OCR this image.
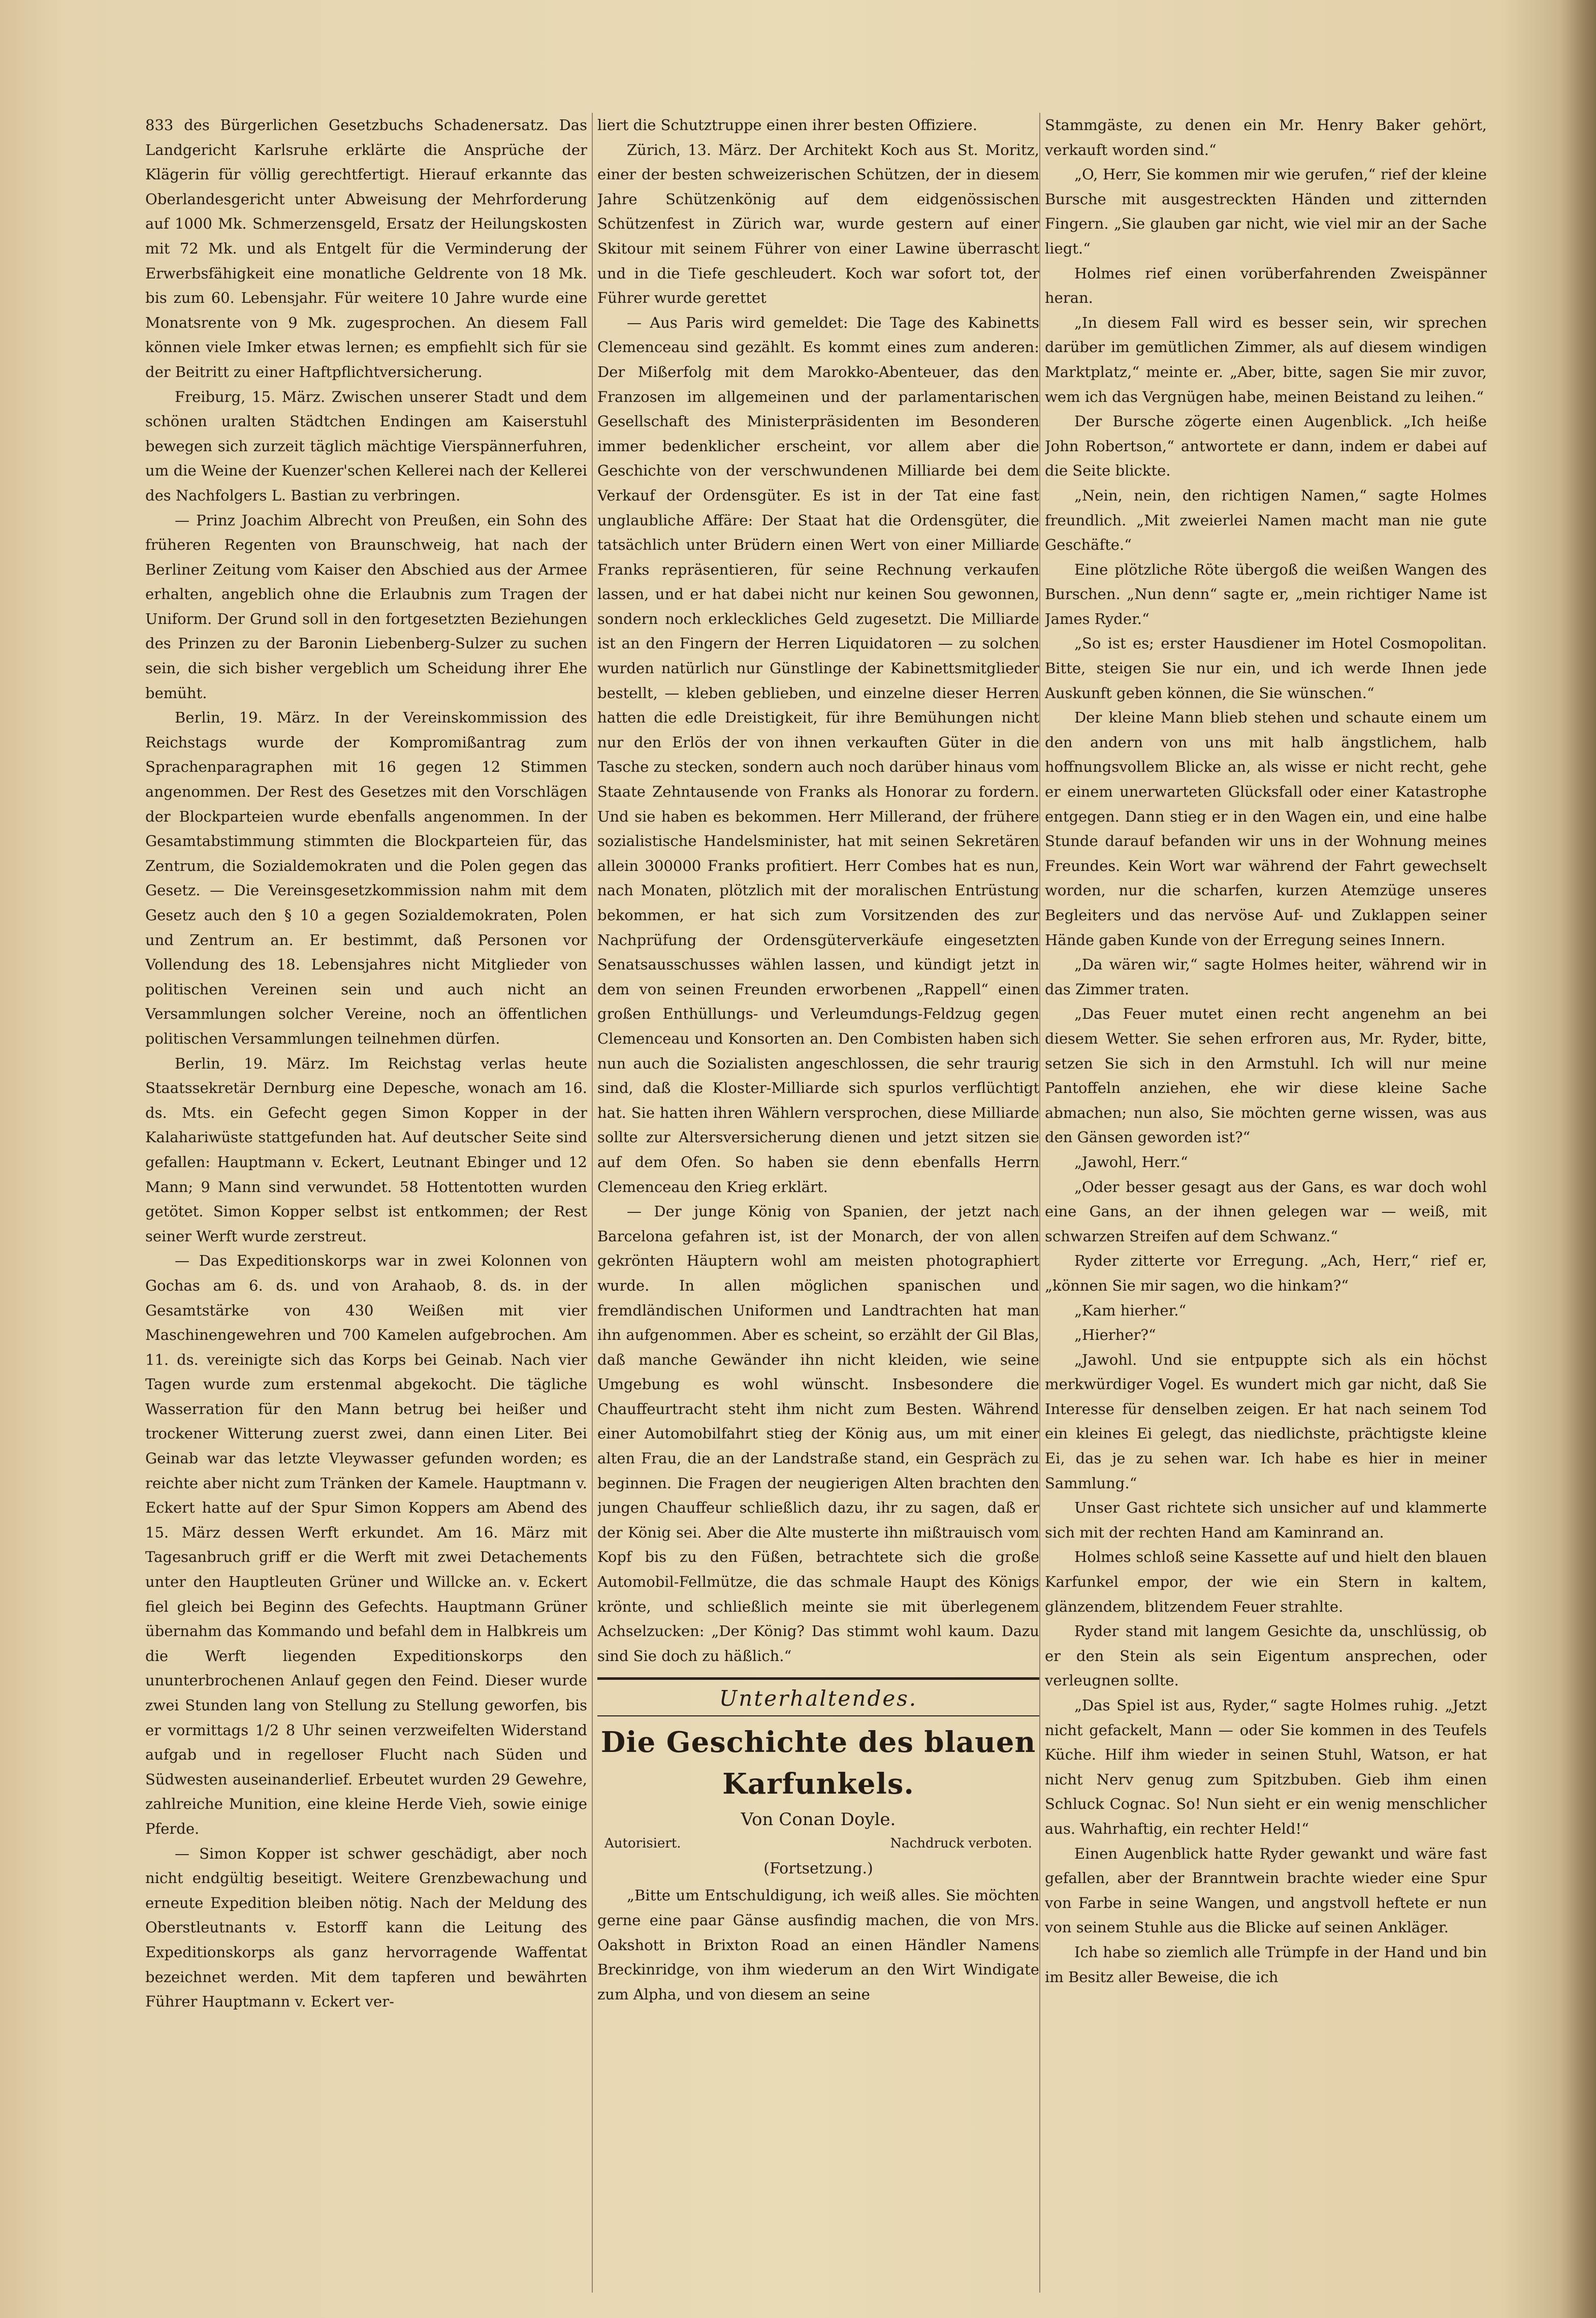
833 des Bürgerlichen Gesetzbuchs Schadenersatz. Das Landgericht Karlsruhe erklärte die Ansprüche der Klägerin für völlig gerechtfertigt. Hierauf erkannte das Oberlandesgericht unter Abweisung der Mehrforderung auf 1000 Mk. Schmerzensgeld, Ersatz der Heilungskosten mit 72 Mk. und als Entgelt für die Verminderung der Erwerbsfähigkeit eine monatliche Geldrente von 18 Mk. bis zum 60. Lebensjahr. Für weitere 10 Jahre wurde eine Monatsrente von 9 Mk. zugesprochen. An diesem Fall können viele Imker etwas lernen; es empfiehlt sich für sie der Beitritt zu einer Haftpflichtversicherung.

Freiburg, 15. März. Zwischen unserer Stadt und dem schönen uralten Städtchen Endingen am Kaiserstuhl bewegen sich zurzeit täglich mächtige Vierspännerfuhren, um die Weine der Kuenzer'schen Kellerei nach der Kellerei des Nachfolgers L. Bastian zu verbringen.

— Prinz Joachim Albrecht von Preußen, ein Sohn des früheren Regenten von Braunschweig, hat nach der Berliner Zeitung vom Kaiser den Abschied aus der Armee erhalten, angeblich ohne die Erlaubnis zum Tragen der Uniform. Der Grund soll in den fortgesetzten Beziehungen des Prinzen zu der Baronin Liebenberg-Sulzer zu suchen sein, die sich bisher vergeblich um Scheidung ihrer Ehe bemüht.

Berlin, 19. März. In der Vereinskommission des Reichstags wurde der Kompromißantrag zum Sprachenparagraphen mit 16 gegen 12 Stimmen angenommen. Der Rest des Gesetzes mit den Vorschlägen der Blockparteien wurde ebenfalls angenommen. In der Gesamtabstimmung stimmten die Blockparteien für, das Zentrum, die Sozialdemokraten und die Polen gegen das Gesetz. — Die Vereinsgesetzkommission nahm mit dem Gesetz auch den § 10 a gegen Sozialdemokraten, Polen und Zentrum an. Er bestimmt, daß Personen vor Vollendung des 18. Lebensjahres nicht Mitglieder von politischen Vereinen sein und auch nicht an Versammlungen solcher Vereine, noch an öffentlichen politischen Versammlungen teilnehmen dürfen.

Berlin, 19. März. Im Reichstag verlas heute Staatssekretär Dernburg eine Depesche, wonach am 16. ds. Mts. ein Gefecht gegen Simon Kopper in der Kalahariwüste stattgefunden hat. Auf deutscher Seite sind gefallen: Hauptmann v. Eckert, Leutnant Ebinger und 12 Mann; 9 Mann sind verwundet. 58 Hottentotten wurden getötet. Simon Kopper selbst ist entkommen; der Rest seiner Werft wurde zerstreut.

— Das Expeditionskorps war in zwei Kolonnen von Gochas am 6. ds. und von Arahaob, 8. ds. in der Gesamtstärke von 430 Weißen mit vier Maschinengewehren und 700 Kamelen aufgebrochen. Am 11. ds. vereinigte sich das Korps bei Geinab. Nach vier Tagen wurde zum erstenmal abgekocht. Die tägliche Wasserration für den Mann betrug bei heißer und trockener Witterung zuerst zwei, dann einen Liter. Bei Geinab war das letzte Vleywasser gefunden worden; es reichte aber nicht zum Tränken der Kamele. Hauptmann v. Eckert hatte auf der Spur Simon Koppers am Abend des 15. März dessen Werft erkundet. Am 16. März mit Tagesanbruch griff er die Werft mit zwei Detachements unter den Hauptleuten Grüner und Willcke an. v. Eckert fiel gleich bei Beginn des Gefechts. Hauptmann Grüner übernahm das Kommando und befahl dem in Halbkreis um die Werft liegenden Expeditionskorps den ununterbrochenen Anlauf gegen den Feind. Dieser wurde zwei Stunden lang von Stellung zu Stellung geworfen, bis er vormittags 1/2 8 Uhr seinen verzweifelten Widerstand aufgab und in regelloser Flucht nach Süden und Südwesten auseinanderlief. Erbeutet wurden 29 Gewehre, zahlreiche Munition, eine kleine Herde Vieh, sowie einige Pferde.

— Simon Kopper ist schwer geschädigt, aber noch nicht endgültig beseitigt. Weitere Grenzbewachung und erneute Expedition bleiben nötig. Nach der Meldung des Oberstleutnants v. Estorff kann die Leitung des Expeditionskorps als ganz hervorragende Waffentat bezeichnet werden. Mit dem tapferen und bewährten Führer Hauptmann v. Eckert ver-

liert die Schutztruppe einen ihrer besten Offiziere.

Zürich, 13. März. Der Architekt Koch aus St. Moritz, einer der besten schweizerischen Schützen, der in diesem Jahre Schützenkönig auf dem eidgenössischen Schützenfest in Zürich war, wurde gestern auf einer Skitour mit seinem Führer von einer Lawine überrascht und in die Tiefe geschleudert. Koch war sofort tot, der Führer wurde gerettet

— Aus Paris wird gemeldet: Die Tage des Kabinetts Clemenceau sind gezählt. Es kommt eines zum anderen: Der Mißerfolg mit dem Marokko-Abenteuer, das den Franzosen im allgemeinen und der parlamentarischen Gesellschaft des Ministerpräsidenten im Besonderen immer bedenklicher erscheint, vor allem aber die Geschichte von der verschwundenen Milliarde bei dem Verkauf der Ordensgüter. Es ist in der Tat eine fast unglaubliche Affäre: Der Staat hat die Ordensgüter, die tatsächlich unter Brüdern einen Wert von einer Milliarde Franks repräsentieren, für seine Rechnung verkaufen lassen, und er hat dabei nicht nur keinen Sou gewonnen, sondern noch erkleckliches Geld zugesetzt. Die Milliarde ist an den Fingern der Herren Liquidatoren — zu solchen wurden natürlich nur Günstlinge der Kabinettsmitglieder bestellt, — kleben geblieben, und einzelne dieser Herren hatten die edle Dreistigkeit, für ihre Bemühungen nicht nur den Erlös der von ihnen verkauften Güter in die Tasche zu stecken, sondern auch noch darüber hinaus vom Staate Zehntausende von Franks als Honorar zu fordern. Und sie haben es bekommen. Herr Millerand, der frühere sozialistische Handelsminister, hat mit seinen Sekretären allein 300000 Franks profitiert. Herr Combes hat es nun, nach Monaten, plötzlich mit der moralischen Entrüstung bekommen, er hat sich zum Vorsitzenden des zur Nachprüfung der Ordensgüterverkäufe eingesetzten Senatsausschusses wählen lassen, und kündigt jetzt in dem von seinen Freunden erworbenen „Rappell“ einen großen Enthüllungs- und Verleumdungs-Feldzug gegen Clemenceau und Konsorten an. Den Combisten haben sich nun auch die Sozialisten angeschlossen, die sehr traurig sind, daß die Kloster-Milliarde sich spurlos verflüchtigt hat. Sie hatten ihren Wählern versprochen, diese Milliarde sollte zur Altersversicherung dienen und jetzt sitzen sie auf dem Ofen. So haben sie denn ebenfalls Herrn Clemenceau den Krieg erklärt.

— Der junge König von Spanien, der jetzt nach Barcelona gefahren ist, ist der Monarch, der von allen gekrönten Häuptern wohl am meisten photographiert wurde. In allen möglichen spanischen und fremdländischen Uniformen und Landtrachten hat man ihn aufgenommen. Aber es scheint, so erzählt der Gil Blas, daß manche Gewänder ihn nicht kleiden, wie seine Umgebung es wohl wünscht. Insbesondere die Chauffeurtracht steht ihm nicht zum Besten. Während einer Automobilfahrt stieg der König aus, um mit einer alten Frau, die an der Landstraße stand, ein Gespräch zu beginnen. Die Fragen der neugierigen Alten brachten den jungen Chauffeur schließlich dazu, ihr zu sagen, daß er der König sei. Aber die Alte musterte ihn mißtrauisch vom Kopf bis zu den Füßen, betrachtete sich die große Automobil-Fellmütze, die das schmale Haupt des Königs krönte, und schließlich meinte sie mit überlegenem Achselzucken: „Der König? Das stimmt wohl kaum. Dazu sind Sie doch zu häßlich.“

Unterhaltendes.
Die Geschichte des blauen Karfunkels.
Von Conan Doyle.
Autorisiert.	Nachdruck verboten.
(Fortsetzung.)

„Bitte um Entschuldigung, ich weiß alles. Sie möchten gerne eine paar Gänse ausfindig machen, die von Mrs. Oakshott in Brixton Road an einen Händler Namens Breckinridge, von ihm wiederum an den Wirt Windigate zum Alpha, und von diesem an seine

Stammgäste, zu denen ein Mr. Henry Baker gehört, verkauft worden sind.“

„O, Herr, Sie kommen mir wie gerufen,“ rief der kleine Bursche mit ausgestreckten Händen und zitternden Fingern. „Sie glauben gar nicht, wie viel mir an der Sache liegt.“

Holmes rief einen vorüberfahrenden Zweispänner heran.

„In diesem Fall wird es besser sein, wir sprechen darüber im gemütlichen Zimmer, als auf diesem windigen Marktplatz,“ meinte er. „Aber, bitte, sagen Sie mir zuvor, wem ich das Vergnügen habe, meinen Beistand zu leihen.“

Der Bursche zögerte einen Augenblick. „Ich heiße John Robertson,“ antwortete er dann, indem er dabei auf die Seite blickte.

„Nein, nein, den richtigen Namen,“ sagte Holmes freundlich. „Mit zweierlei Namen macht man nie gute Geschäfte.“

Eine plötzliche Röte übergoß die weißen Wangen des Burschen. „Nun denn“ sagte er, „mein richtiger Name ist James Ryder.“

„So ist es; erster Hausdiener im Hotel Cosmopolitan. Bitte, steigen Sie nur ein, und ich werde Ihnen jede Auskunft geben können, die Sie wünschen.“

Der kleine Mann blieb stehen und schaute einem um den andern von uns mit halb ängstlichem, halb hoffnungsvollem Blicke an, als wisse er nicht recht, gehe er einem unerwarteten Glücksfall oder einer Katastrophe entgegen. Dann stieg er in den Wagen ein, und eine halbe Stunde darauf befanden wir uns in der Wohnung meines Freundes. Kein Wort war während der Fahrt gewechselt worden, nur die scharfen, kurzen Atemzüge unseres Begleiters und das nervöse Auf- und Zuklappen seiner Hände gaben Kunde von der Erregung seines Innern.

„Da wären wir,“ sagte Holmes heiter, während wir in das Zimmer traten.

„Das Feuer mutet einen recht angenehm an bei diesem Wetter. Sie sehen erfroren aus, Mr. Ryder, bitte, setzen Sie sich in den Armstuhl. Ich will nur meine Pantoffeln anziehen, ehe wir diese kleine Sache abmachen; nun also, Sie möchten gerne wissen, was aus den Gänsen geworden ist?“

„Jawohl, Herr.“

„Oder besser gesagt aus der Gans, es war doch wohl eine Gans, an der ihnen gelegen war — weiß, mit schwarzen Streifen auf dem Schwanz.“

Ryder zitterte vor Erregung. „Ach, Herr,“ rief er, „können Sie mir sagen, wo die hinkam?“

„Kam hierher.“

„Hierher?“

„Jawohl. Und sie entpuppte sich als ein höchst merkwürdiger Vogel. Es wundert mich gar nicht, daß Sie Interesse für denselben zeigen. Er hat nach seinem Tod ein kleines Ei gelegt, das niedlichste, prächtigste kleine Ei, das je zu sehen war. Ich habe es hier in meiner Sammlung.“

Unser Gast richtete sich unsicher auf und klammerte sich mit der rechten Hand am Kaminrand an.

Holmes schloß seine Kassette auf und hielt den blauen Karfunkel empor, der wie ein Stern in kaltem, glänzendem, blitzendem Feuer strahlte.

Ryder stand mit langem Gesichte da, unschlüssig, ob er den Stein als sein Eigentum ansprechen, oder verleugnen sollte.

„Das Spiel ist aus, Ryder,“ sagte Holmes ruhig. „Jetzt nicht gefackelt, Mann — oder Sie kommen in des Teufels Küche. Hilf ihm wieder in seinen Stuhl, Watson, er hat nicht Nerv genug zum Spitzbuben. Gieb ihm einen Schluck Cognac. So! Nun sieht er ein wenig menschlicher aus. Wahrhaftig, ein rechter Held!“

Einen Augenblick hatte Ryder gewankt und wäre fast gefallen, aber der Branntwein brachte wieder eine Spur von Farbe in seine Wangen, und angstvoll heftete er nun von seinem Stuhle aus die Blicke auf seinen Ankläger.

Ich habe so ziemlich alle Trümpfe in der Hand und bin im Besitz aller Beweise, die ich
